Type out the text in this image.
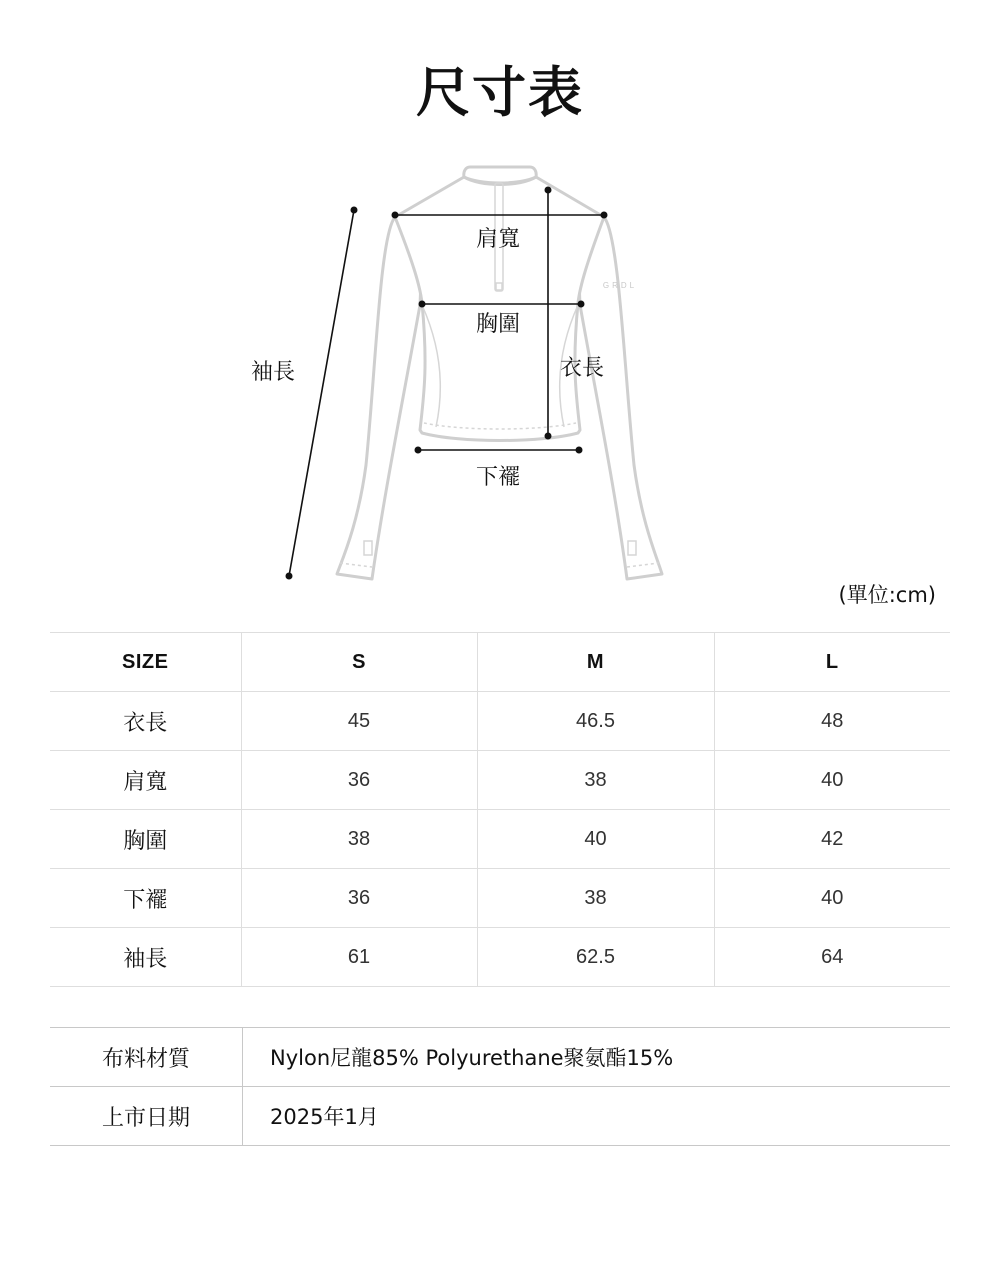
尺寸表
GRDL
肩寬
胸圍
衣長
袖長
下襬
(單位:cm)
SIZE	S	M	L
衣長	45	46.5	48
肩寬	36	38	40
胸圍	38	40	42
下襬	36	38	40
袖長	61	62.5	64
布料材質	Nylon尼龍85% Polyurethane聚氨酯15%
上市日期	2025年1月
